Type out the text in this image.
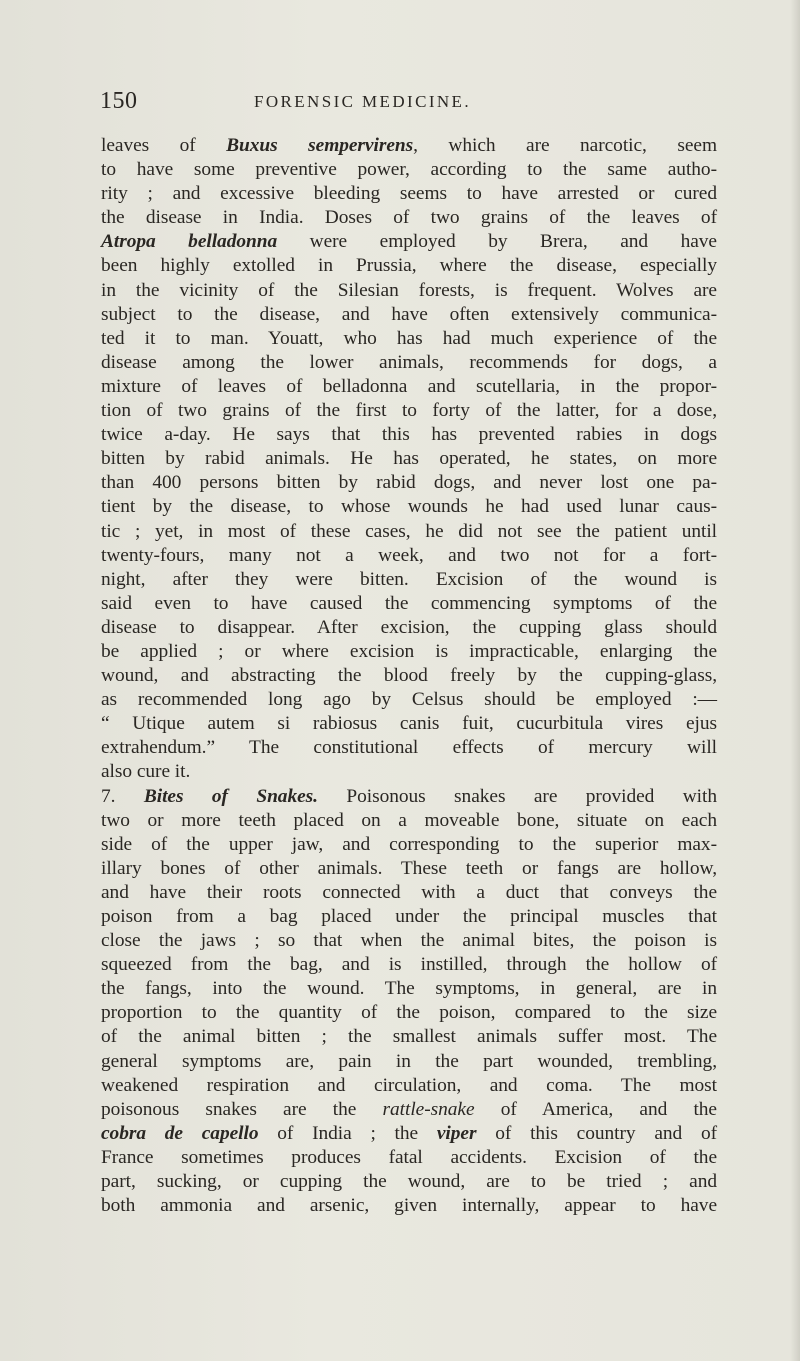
150	FORENSIC MEDICINE.
leaves of Buxus sempervirens, which are narcotic, seem
to have some preventive power, according to the same autho-
rity ; and excessive bleeding seems to have arrested or cured
the disease in India. Doses of two grains of the leaves of
Atropa belladonna were employed by Brera, and have
been highly extolled in Prussia, where the disease, especially
in the vicinity of the Silesian forests, is frequent. Wolves are
subject to the disease, and have often extensively communica-
ted it to man. Youatt, who has had much experience of the
disease among the lower animals, recommends for dogs, a
mixture of leaves of belladonna and scutellaria, in the propor-
tion of two grains of the first to forty of the latter, for a dose,
twice a-day. He says that this has prevented rabies in dogs
bitten by rabid animals. He has operated, he states, on more
than 400 persons bitten by rabid dogs, and never lost one pa-
tient by the disease, to whose wounds he had used lunar caus-
tic ; yet, in most of these cases, he did not see the patient until
twenty-fours, many not a week, and two not for a fort-
night, after they were bitten. Excision of the wound is
said even to have caused the commencing symptoms of the
disease to disappear. After excision, the cupping glass should
be applied ; or where excision is impracticable, enlarging the
wound, and abstracting the blood freely by the cupping-glass,
as recommended long ago by Celsus should be employed :—
“ Utique autem si rabiosus canis fuit, cucurbitula vires ejus
extrahendum.” The constitutional effects of mercury will
also cure it.
7. Bites of Snakes. Poisonous snakes are provided with
two or more teeth placed on a moveable bone, situate on each
side of the upper jaw, and corresponding to the superior max-
illary bones of other animals. These teeth or fangs are hollow,
and have their roots connected with a duct that conveys the
poison from a bag placed under the principal muscles that
close the jaws ; so that when the animal bites, the poison is
squeezed from the bag, and is instilled, through the hollow of
the fangs, into the wound. The symptoms, in general, are in
proportion to the quantity of the poison, compared to the size
of the animal bitten ; the smallest animals suffer most. The
general symptoms are, pain in the part wounded, trembling,
weakened respiration and circulation, and coma. The most
poisonous snakes are the rattle-snake of America, and the
cobra de capello of India ; the viper of this country and of
France sometimes produces fatal accidents. Excision of the
part, sucking, or cupping the wound, are to be tried ; and
both ammonia and arsenic, given internally, appear to have
